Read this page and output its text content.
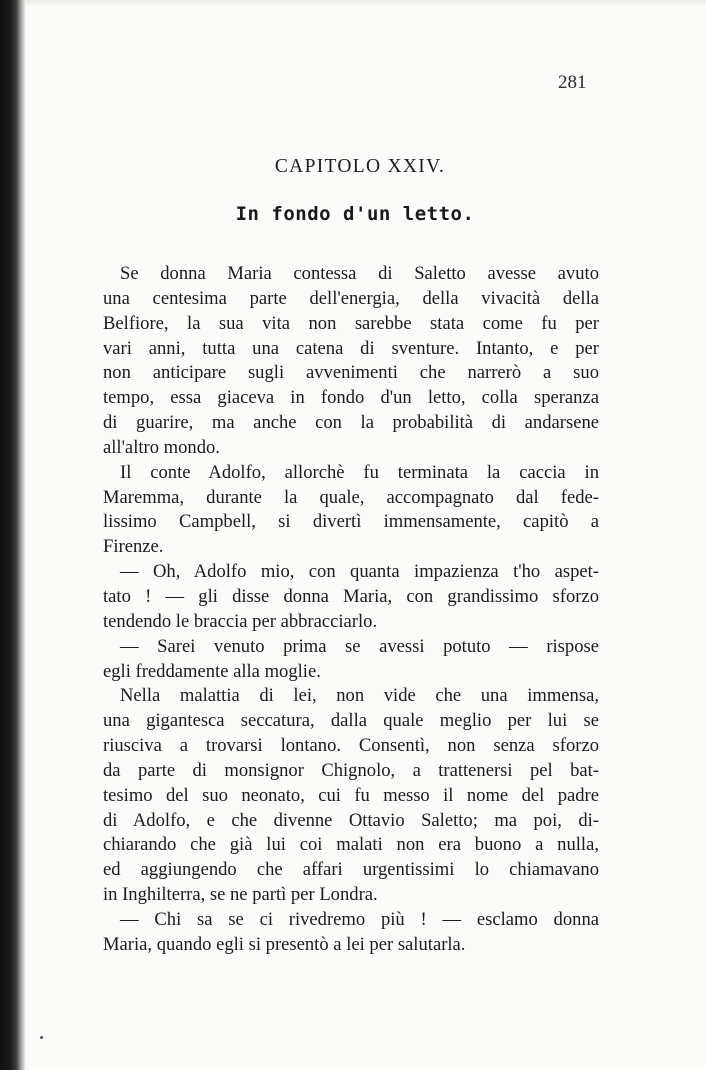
281
CAPITOLO XXIV.
In fondo d'un letto.
Se donna Maria contessa di Saletto avesse avuto
una centesima parte dell'energia, della vivacità della
Belfiore, la sua vita non sarebbe stata come fu per
vari anni, tutta una catena di sventure. Intanto, e per
non anticipare sugli avvenimenti che narrerò a suo
tempo, essa giaceva in fondo d'un letto, colla speranza
di guarire, ma anche con la probabilità di andarsene
all'altro mondo.
Il conte Adolfo, allorchè fu terminata la caccia in
Maremma, durante la quale, accompagnato dal fede-
lissimo Campbell, si divertì immensamente, capitò a
Firenze.
— Oh, Adolfo mio, con quanta impazienza t'ho aspet-
tato ! — gli disse donna Maria, con grandissimo sforzo
tendendo le braccia per abbracciarlo.
— Sarei venuto prima se avessi potuto — rispose
egli freddamente alla moglie.
Nella malattia di lei, non vide che una immensa,
una gigantesca seccatura, dalla quale meglio per lui se
riusciva a trovarsi lontano. Consentì, non senza sforzo
da parte di monsignor Chignolo, a trattenersi pel bat-
tesimo del suo neonato, cui fu messo il nome del padre
di Adolfo, e che divenne Ottavio Saletto; ma poi, di-
chiarando che già lui coi malati non era buono a nulla,
ed aggiungendo che affari urgentissimi lo chiamavano
in Inghilterra, se ne partì per Londra.
— Chi sa se ci rivedremo più ! — esclamo donna
Maria, quando egli si presentò a lei per salutarla.
